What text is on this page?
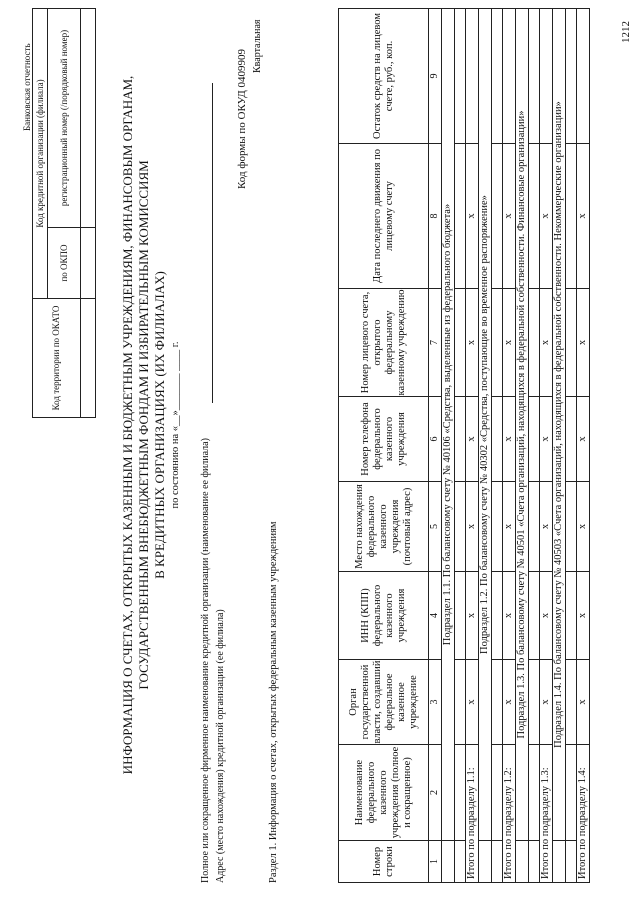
Банковская отчетность
Код территории по ОКАТО	Код кредитной организации (филиала)	
	по ОКПО	регистрационный номер (/порядковый номер)
			ИНФОРМАЦИЯ О СЧЕТАХ, ОТКРЫТЫХ КАЗЕННЫМ И БЮДЖЕТНЫМ УЧРЕЖДЕНИЯМ, ФИНАНСОВЫМ ОРГАНАМ, ГОСУДАРСТВЕННЫМ ВНЕБЮДЖЕТНЫМ ФОНДАМ И ИЗБИРАТЕЛЬНЫМ КОМИССИЯМ В КРЕДИТНЫХ ОРГАНИЗАЦИЯХ (ИХ ФИЛИАЛАХ) по состоянию на «__»_______ ____ г.
Полное или сокращенное фирменное наименование кредитной организации (наименование ее филиала) Адрес (место нахождения) кредитной организации (ее филиала)
Код формы по ОКУД 0409909
Квартальная
Раздел 1. Информация о счетах, открытых федеральным казенным учреждениям	Номер строки	Наименование федерального казенного учреждения (полное и сокращенное)	Орган государственной власти, создавший федеральное казенное учреждение	ИНН (КПП) федерального казенного учреждения	Место нахождения федерального казенного учреждения (почтовый адрес)	Номер телефона федерального казенного учреждения	Номер лицевого счета, открытого федеральному казенному учреждению	Дата последнего движения по лицевому счету	Остаток средств на лицевом счете, руб., коп.
1	2	3	4	5	6	7	8	9
	Подраздел 1.1. По балансовому счету № 40106 «Средства, выделенные из федерального бюджета»							

Итого по подразделу 1.1:		х	х	х	х	х	х	
	Подраздел 1.2. По балансовому счету № 40302 «Средства, поступающие во временное распоряжение»							

Итого по подразделу 1.2:		х	х	х	х	х	х	
	Подраздел 1.3. По балансовому счету № 40501 «Счета организаций, находящихся в федеральной собственности. Финансовые организации»							

Итого по подразделу 1.3:		х	х	х	х	х	х	
	Подраздел 1.4. По балансовому счету № 40503 «Счета организаций, находящихся в федеральной собственности. Некоммерческие организации»							

Итого по подразделу 1.4:		х	х	х	х	х	х	
1212
